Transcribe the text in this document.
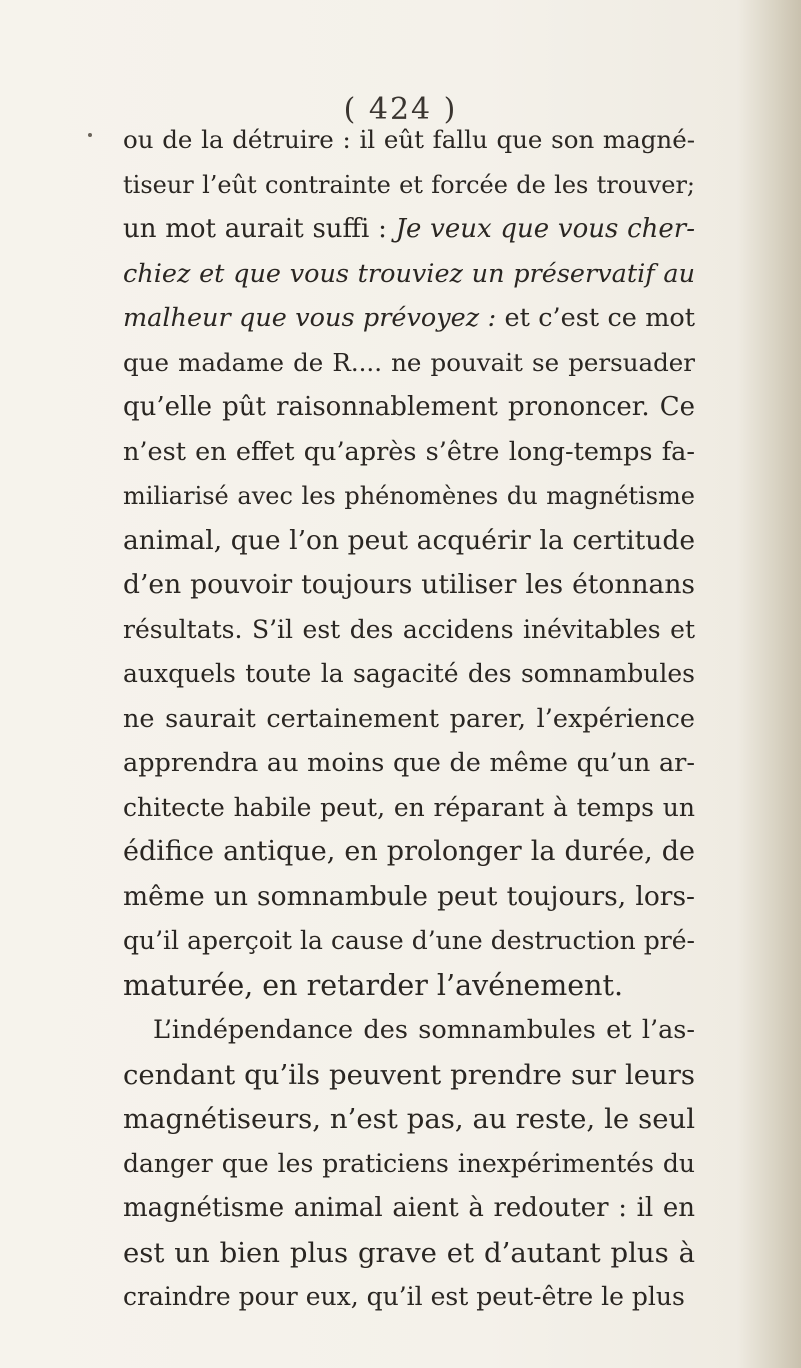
( 424 )
ou de la détruire : il eût fallu que son magné-
tiseur l’eût contrainte et forcée de les trouver;
un mot aurait suffi : Je veux que vous cher-
chiez et que vous trouviez un préservatif au
malheur que vous prévoyez : et c’est ce mot
que madame de R.... ne pouvait se persuader
qu’elle pût raisonnablement prononcer. Ce
n’est en effet qu’après s’être long-temps fa-
miliarisé avec les phénomènes du magnétisme
animal, que l’on peut acquérir la certitude
d’en pouvoir toujours utiliser les étonnans
résultats. S’il est des accidens inévitables et
auxquels toute la sagacité des somnambules
ne saurait certainement parer, l’expérience
apprendra au moins que de même qu’un ar-
chitecte habile peut, en réparant à temps un
édifice antique, en prolonger la durée, de
même un somnambule peut toujours, lors-
qu’il aperçoit la cause d’une destruction pré-
maturée, en retarder l’avénement.
L’indépendance des somnambules et l’as-
cendant qu’ils peuvent prendre sur leurs
magnétiseurs, n’est pas, au reste, le seul
danger que les praticiens inexpérimentés du
magnétisme animal aient à redouter : il en
est un bien plus grave et d’autant plus à
craindre pour eux, qu’il est peut-être le plus
